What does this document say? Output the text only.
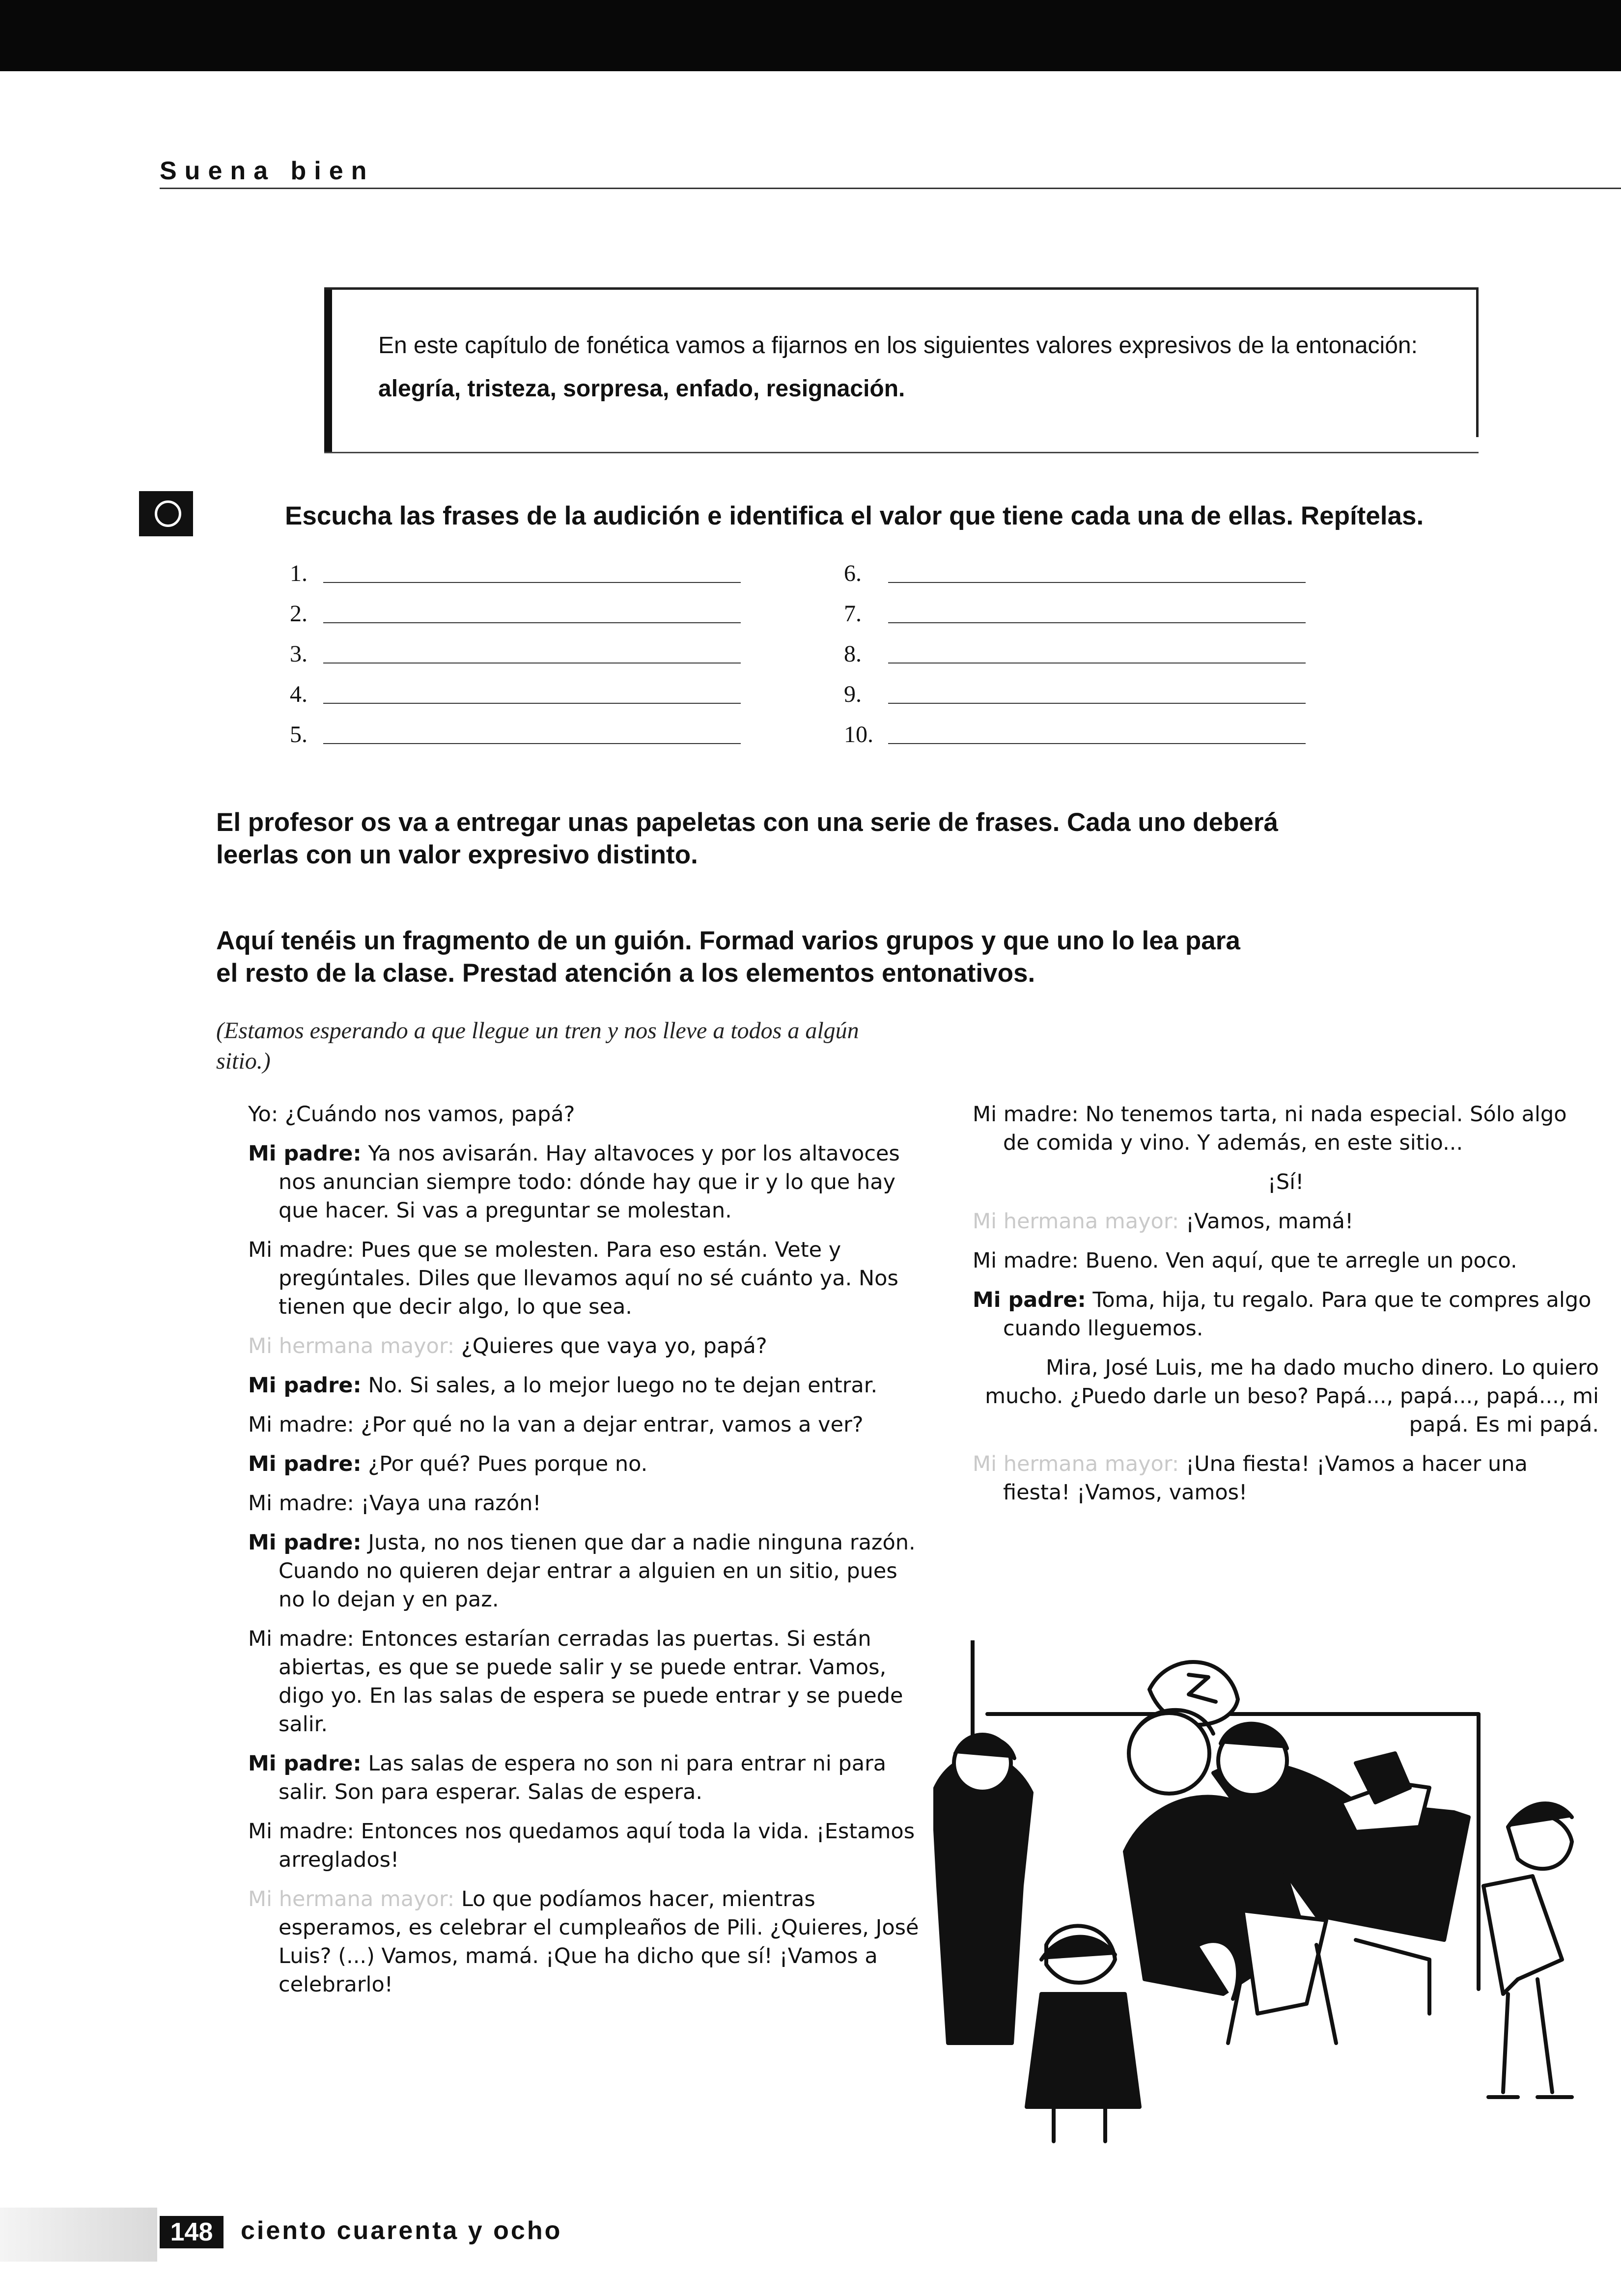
Suena bien
En este capítulo de fonética vamos a fijarnos en los siguientes valores expresivos de la entonación:
alegría, tristeza, sorpresa, enfado, resignación.
Escucha las frases de la audición e identifica el valor que tiene cada una de ellas. Repítelas.
1.
2.
3.
4.
5.
6.
7.
8.
9.
10.
El profesor os va a entregar unas papeletas con una serie de frases. Cada uno deberá
leerlas con un valor expresivo distinto.
Aquí tenéis un fragmento de un guión. Formad varios grupos y que uno lo lea para
el resto de la clase. Prestad atención a los elementos entonativos.
(Estamos esperando a que llegue un tren y nos lleve a todos a algún sitio.)
Yo: ¿Cuándo nos vamos, papá?
Mi padre: Ya nos avisarán. Hay altavoces y por los altavoces nos anuncian siempre todo: dónde hay que ir y lo que hay que hacer. Si vas a preguntar se molestan.
Mi madre: Pues que se molesten. Para eso están. Vete y pregúntales. Diles que llevamos aquí no sé cuánto ya. Nos tienen que decir algo, lo que sea.
Mi hermana mayor: ¿Quieres que vaya yo, papá?
Mi padre: No. Si sales, a lo mejor luego no te dejan entrar.
Mi madre: ¿Por qué no la van a dejar entrar, vamos a ver?
Mi padre: ¿Por qué? Pues porque no.
Mi madre: ¡Vaya una razón!
Mi padre: Justa, no nos tienen que dar a nadie ninguna razón. Cuando no quieren dejar entrar a alguien en un sitio, pues no lo dejan y en paz.
Mi madre: Entonces estarían cerradas las puertas. Si están abiertas, es que se puede salir y se puede entrar. Vamos, digo yo. En las salas de espera se puede entrar y se puede salir.
Mi padre: Las salas de espera no son ni para entrar ni para salir. Son para esperar. Salas de espera.
Mi madre: Entonces nos quedamos aquí toda la vida. ¡Estamos arreglados!
Mi hermana mayor: Lo que podíamos hacer, mientras esperamos, es celebrar el cumpleaños de Pili. ¿Quieres, José Luis? (...) Vamos, mamá. ¡Que ha dicho que sí! ¡Vamos a celebrarlo!
Mi madre: No tenemos tarta, ni nada especial. Sólo algo de comida y vino. Y además, en este sitio...
¡Sí!
Mi hermana mayor: ¡Vamos, mamá!
Mi madre: Bueno. Ven aquí, que te arregle un poco.
Mi padre: Toma, hija, tu regalo. Para que te compres algo cuando lleguemos.
Mira, José Luis, me ha dado mucho dinero. Lo quiero mucho. ¿Puedo darle un beso? Papá..., papá..., papá..., mi papá. Es mi papá.
Mi hermana mayor: ¡Una fiesta! ¡Vamos a hacer una fiesta! ¡Vamos, vamos!
148	ciento cuarenta y ocho
